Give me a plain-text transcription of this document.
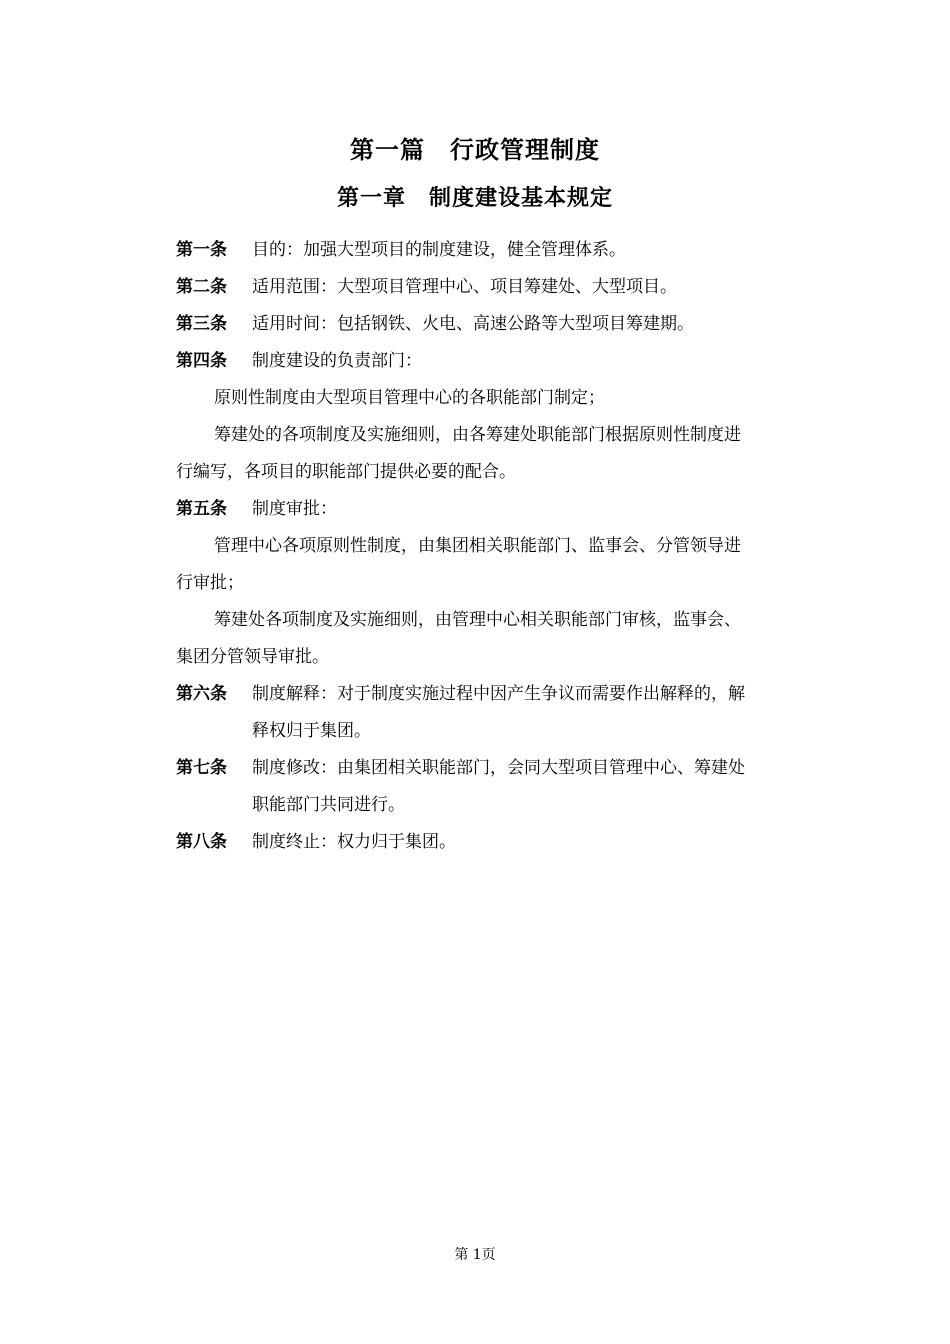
第一篇　行政管理制度
第一章　制度建设基本规定
第一条	目的：加强大型项目的制度建设，健全管理体系。
第二条	适用范围：大型项目管理中心、项目筹建处、大型项目。
第三条	适用时间：包括钢铁、火电、高速公路等大型项目筹建期。
第四条	制度建设的负责部门：
原则性制度由大型项目管理中心的各职能部门制定；
筹建处的各项制度及实施细则，由各筹建处职能部门根据原则性制度进
行编写，各项目的职能部门提供必要的配合。
第五条	制度审批：
管理中心各项原则性制度，由集团相关职能部门、监事会、分管领导进
行审批；
筹建处各项制度及实施细则，由管理中心相关职能部门审核，监事会、
集团分管领导审批。
第六条	制度解释：对于制度实施过程中因产生争议而需要作出解释的，解
释权归于集团。
第七条	制度修改：由集团相关职能部门，会同大型项目管理中心、筹建处
职能部门共同进行。
第八条	制度终止：权力归于集团。
第 1页
